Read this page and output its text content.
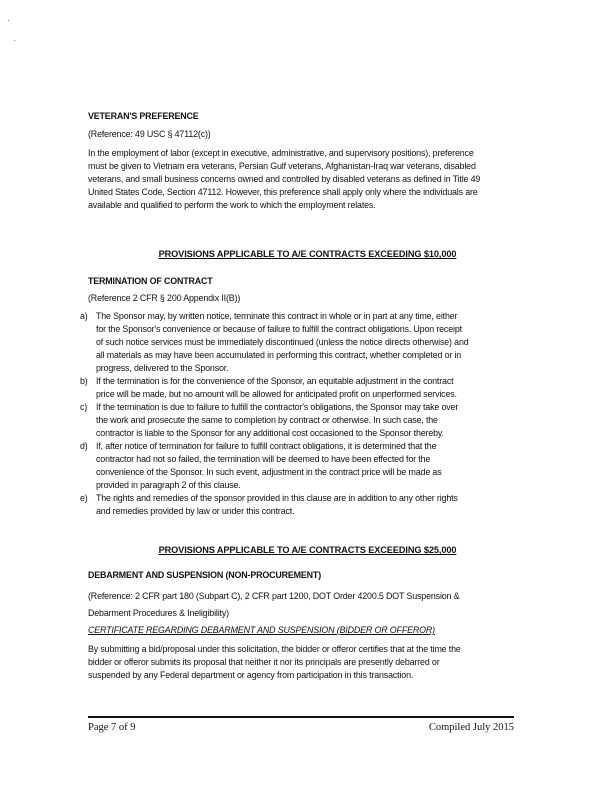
VETERAN'S PREFERENCE
(Reference: 49 USC § 47112(c))
In the employment of labor (except in executive, administrative, and supervisory positions), preference
must be given to Vietnam era veterans, Persian Gulf veterans, Afghanistan-Iraq war veterans, disabled
veterans, and small business concerns owned and controlled by disabled veterans as defined in Title 49
United States Code, Section 47112. However, this preference shall apply only where the individuals are
available and qualified to perform the work to which the employment relates.
PROVISIONS APPLICABLE TO A/E CONTRACTS EXCEEDING $10,000
TERMINATION OF CONTRACT
(Reference 2 CFR § 200 Appendix II(B))
a) The Sponsor may, by written notice, terminate this contract in whole or in part at any time, either
for the Sponsor's convenience or because of failure to fulfill the contract obligations. Upon receipt
of such notice services must be immediately discontinued (unless the notice directs otherwise) and
all materials as may have been accumulated in performing this contract, whether completed or in
progress, delivered to the Sponsor.
b) If the termination is for the convenience of the Sponsor, an equitable adjustment in the contract
price will be made, but no amount will be allowed for anticipated profit on unperformed services.
c) If the termination is due to failure to fulfill the contractor's obligations, the Sponsor may take over
the work and prosecute the same to completion by contract or otherwise. In such case, the
contractor is liable to the Sponsor for any additional cost occasioned to the Sponsor thereby.
d) If, after notice of termination for failure to fulfill contract obligations, it is determined that the
contractor had not so failed, the termination will be deemed to have been effected for the
convenience of the Sponsor. In such event, adjustment in the contract price will be made as
provided in paragraph 2 of this clause.
e) The rights and remedies of the sponsor provided in this clause are in addition to any other rights
and remedies provided by law or under this contract.
PROVISIONS APPLICABLE TO A/E CONTRACTS EXCEEDING $25,000
DEBARMENT AND SUSPENSION (NON-PROCUREMENT)
(Reference: 2 CFR part 180 (Subpart C), 2 CFR part 1200, DOT Order 4200.5 DOT Suspension &
Debarment Procedures & Ineligibility)
CERTIFICATE REGARDING DEBARMENT AND SUSPENSION (BIDDER OR OFFEROR)
By submitting a bid/proposal under this solicitation, the bidder or offeror certifies that at the time the
bidder or offeror submits its proposal that neither it nor its principals are presently debarred or
suspended by any Federal department or agency from participation in this transaction.
Page 7 of 9	Compiled July 2015
